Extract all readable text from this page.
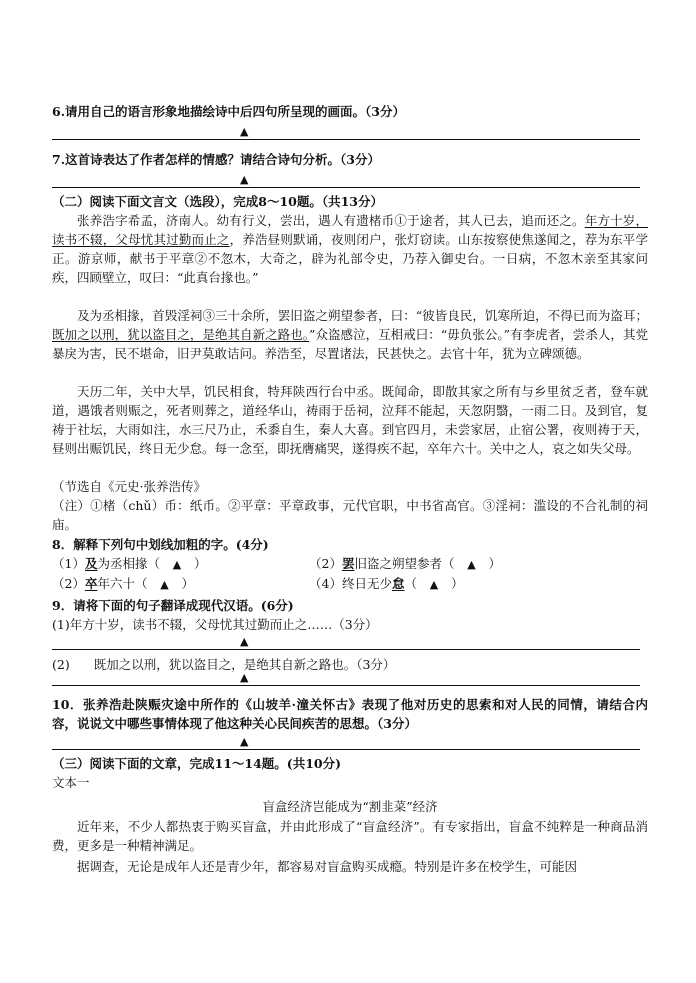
6.请用自己的语言形象地描绘诗中后四句所呈现的画面。（3分）
▲
7.这首诗表达了作者怎样的情感？请结合诗句分析。（3分）
▲
（二）阅读下面文言文（选段），完成8～10题。（共13分）
张养浩字希孟，济南人。幼有行义，尝出，遇人有遗楮币①于途者，其人已去，追而还之。年方十岁，读书不辍，父母忧其过勤而止之，养浩昼则默诵，夜则闭户，张灯窃读。山东按察使焦遂闻之，荐为东平学正。游京师，献书于平章②不忽木，大奇之，辟为礼部令史，乃荐入御史台。一日病，不忽木亲至其家问疾，四顾壁立，叹曰：“此真台掾也。”
及为丞相掾，首毁淫祠③三十余所，罢旧盗之朔望参者，曰：“彼皆良民，饥寒所迫，不得已而为盗耳；既加之以刑，犹以盗目之，是绝其自新之路也。”众盗感泣，互相戒曰：“毋负张公。”有李虎者，尝杀人，其党暴戾为害，民不堪命，旧尹莫敢诘问。养浩至，尽置诸法，民甚快之。去官十年，犹为立碑颂德。
天历二年，关中大旱，饥民相食，特拜陕西行台中丞。既闻命，即散其家之所有与乡里贫乏者，登车就道，遇饿者则赈之，死者则葬之，道经华山，祷雨于岳祠，泣拜不能起，天忽阴翳，一雨二日。及到官，复祷于社坛，大雨如注，水三尺乃止，禾黍自生，秦人大喜。到官四月，未尝家居，止宿公署，夜则祷于天，昼则出赈饥民，终日无少怠。每一念至，即抚膺痛哭，遂得疾不起，卒年六十。关中之人，哀之如失父母。
（节选自《元史·张养浩传》
（注）①楮（chǔ）币：纸币。②平章：平章政事，元代官职，中书省高官。③淫祠：滥设的不合礼制的祠庙。
8．解释下列句中划线加粗的字。(4分)
（1）及为丞相掾（ ▲ ）	（2）罢旧盗之朔望参者（ ▲ ）
（2）卒年六十（ ▲ ）	（4）终日无少怠（ ▲ ）
9．请将下面的句子翻译成现代汉语。(6分)
(1)年方十岁，读书不辍，父母忧其过勤而止之……（3分）
▲
(2) 既加之以刑，犹以盗目之，是绝其自新之路也。（3分）
▲
10．张养浩赴陕赈灾途中所作的《山坡羊·潼关怀古》表现了他对历史的思索和对人民的同情，请结合内容，说说文中哪些事情体现了他这种关心民间疾苦的思想。（3分）
▲
（三）阅读下面的文章，完成11～14题。(共10分)
文本一
盲盒经济岂能成为“割韭菜”经济
近年来，不少人都热衷于购买盲盒，并由此形成了“盲盒经济”。有专家指出，盲盒不纯粹是一种商品消费，更多是一种精神满足。
据调查，无论是成年人还是青少年，都容易对盲盒购买成瘾。特别是许多在校学生，可能因
